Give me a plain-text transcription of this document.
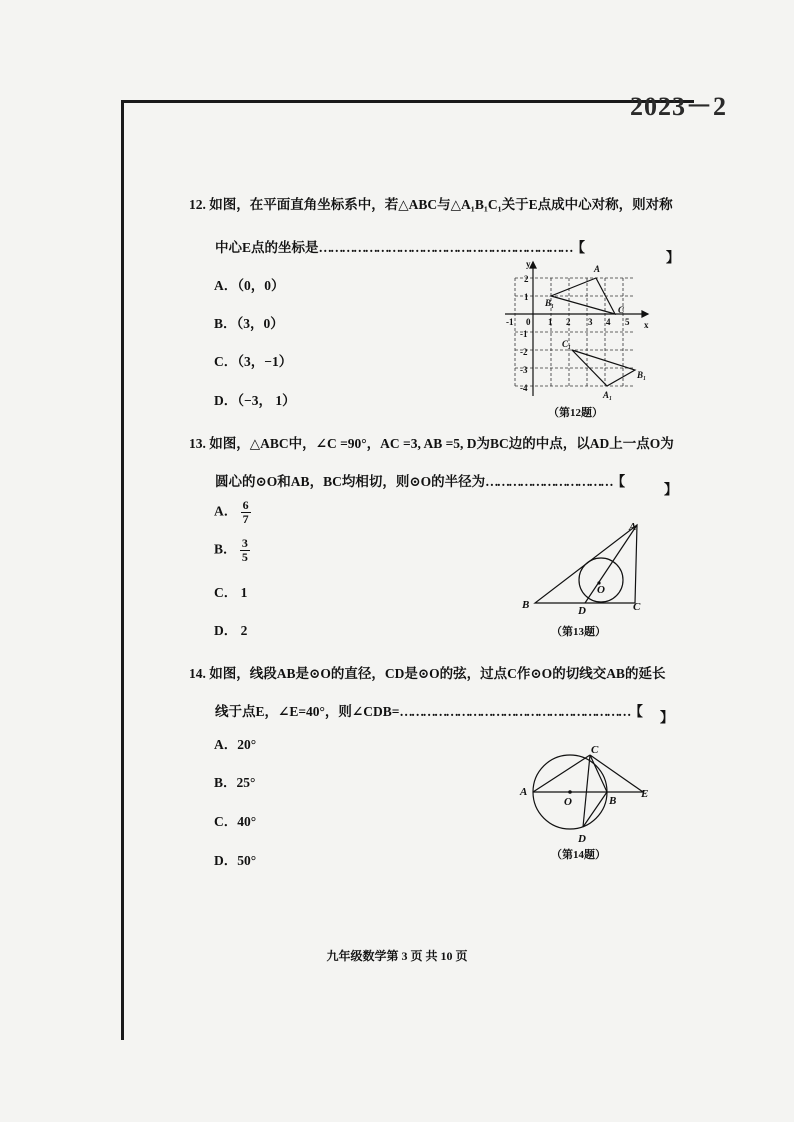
2023－2
12. 如图，在平面直角坐标系中，若△ABC与△A₁B₁C₁关于E点成中心对称，则对称
中心E点的坐标是…………………………………………………………【
】
A．（0，0）
B．（3，0）
C．（3，−1）
D．（−3， 1）
x
y
-1 0 1 2 3 4 5
2
1
-1
-2
-3
-4
A
B₁
C
C₁
B₁
A₁
（第12题）
13. 如图，△ABC中，∠C =90°，AC =3, AB =5, D为BC边的中点，以AD上一点O为
圆心的⊙O和AB，BC均相切，则⊙O的半径为……………………………【
】
A． $\frac{6}{7}$
B． $\frac{3}{5}$
C． 1
D． 2
A
B	C
D
O
（第13题）
14. 如图，线段AB是⊙O的直径，CD是⊙O的弦，过点C作⊙O的切线交AB的延长
线于点E，∠E=40°，则∠CDB=……………………………………………………【 】
A．20°
B．25°
C．40°
D．50°
A
B
C
D
E
O
（第14题）
九年级数学第 3 页 共 10 页
